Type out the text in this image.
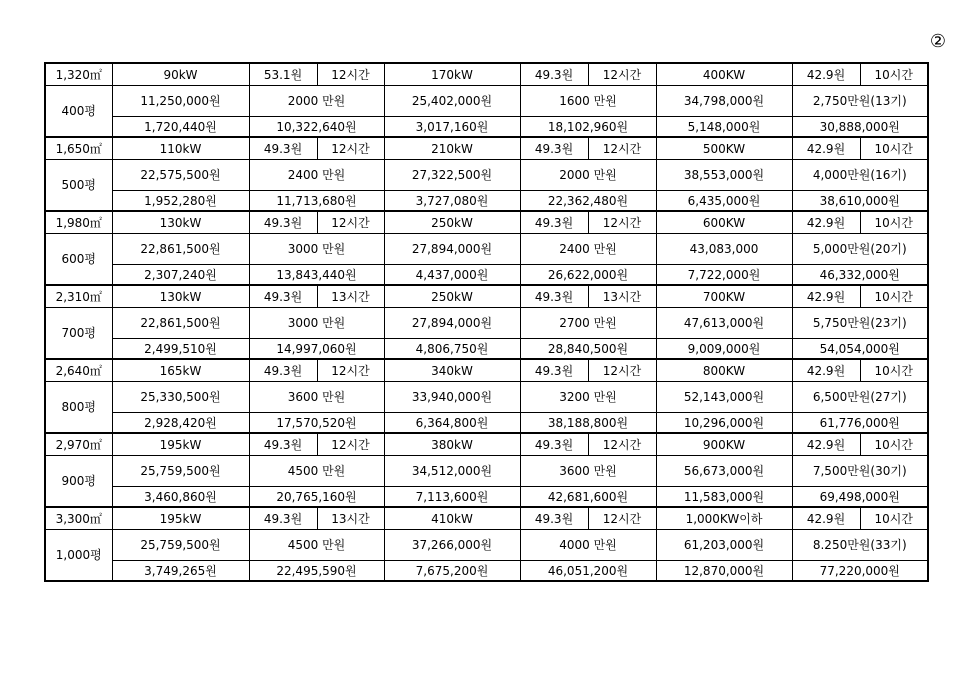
②
1,320㎡	90kW	53.1원	12시간	170kW	49.3원	12시간	400KW	42.9원	10시간
400평	11,250,000원	2000 만원		25,402,000원	1600 만원		34,798,000원	2,750만원(13기)	
	1,720,440원	10,322,640원		3,017,160원	18,102,960원		5,148,000원	30,888,000원	
1,650㎡	110kW	49.3원	12시간	210kW	49.3원	12시간	500KW	42.9원	10시간
500평	22,575,500원	2400 만원		27,322,500원	2000 만원		38,553,000원	4,000만원(16기)	
	1,952,280원	11,713,680원		3,727,080원	22,362,480원		6,435,000원	38,610,000원	
1,980㎡	130kW	49.3원	12시간	250kW	49.3원	12시간	600KW	42.9원	10시간
600평	22,861,500원	3000 만원		27,894,000원	2400 만원		43,083,000	5,000만원(20기)	
	2,307,240원	13,843,440원		4,437,000원	26,622,000원		7,722,000원	46,332,000원	
2,310㎡	130kW	49.3원	13시간	250kW	49.3원	13시간	700KW	42.9원	10시간
700평	22,861,500원	3000 만원		27,894,000원	2700 만원		47,613,000원	5,750만원(23기)	
	2,499,510원	14,997,060원		4,806,750원	28,840,500원		9,009,000원	54,054,000원	
2,640㎡	165kW	49.3원	12시간	340kW	49.3원	12시간	800KW	42.9원	10시간
800평	25,330,500원	3600 만원		33,940,000원	3200 만원		52,143,000원	6,500만원(27기)	
	2,928,420원	17,570,520원		6,364,800원	38,188,800원		10,296,000원	61,776,000원	
2,970㎡	195kW	49.3원	12시간	380kW	49.3원	12시간	900KW	42.9원	10시간
900평	25,759,500원	4500 만원		34,512,000원	3600 만원		56,673,000원	7,500만원(30기)	
	3,460,860원	20,765,160원		7,113,600원	42,681,600원		11,583,000원	69,498,000원	
3,300㎡	195kW	49.3원	13시간	410kW	49.3원	12시간	1,000KW이하	42.9원	10시간
1,000평	25,759,500원	4500 만원		37,266,000원	4000 만원		61,203,000원	8.250만원(33기)	
	3,749,265원	22,495,590원		7,675,200원	46,051,200원		12,870,000원	77,220,000원	
